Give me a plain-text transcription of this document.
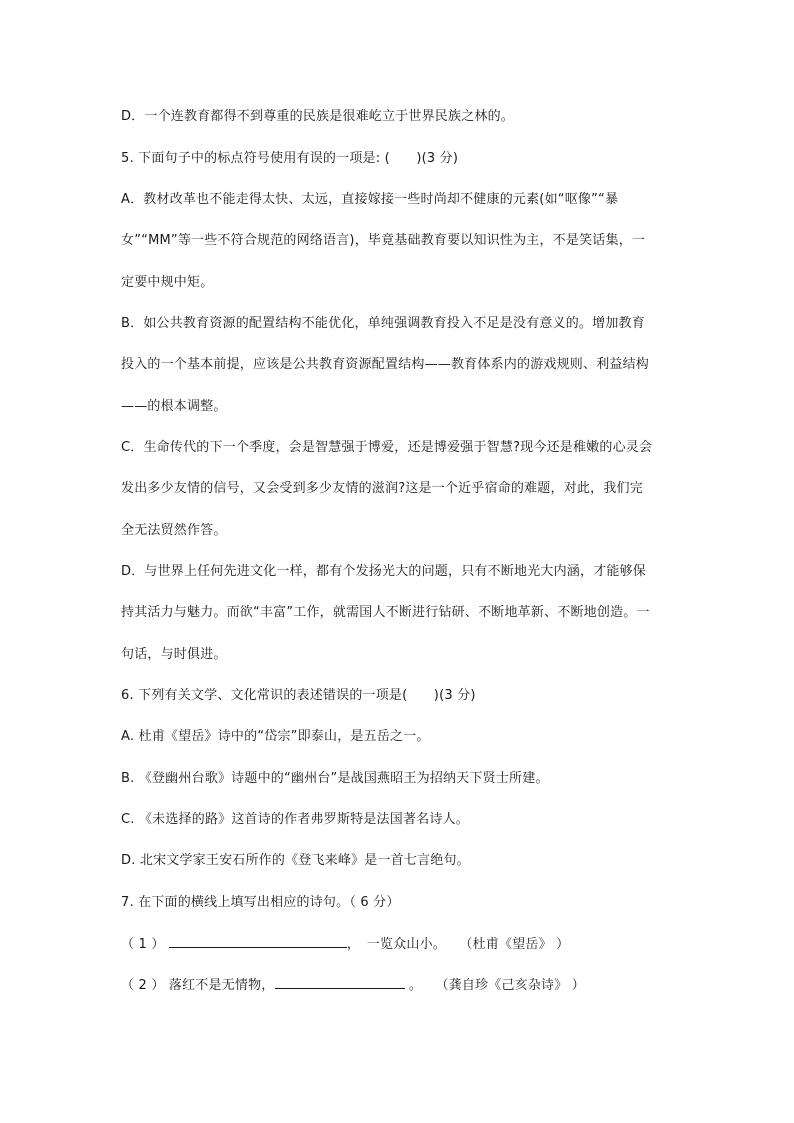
D．一个连教育都得不到尊重的民族是很难屹立于世界民族之林的。
5. 下面句子中的标点符号使用有误的一项是: (　　)(3 分)
A．教材改革也不能走得太快、太远，直接嫁接一些时尚却不健康的元素(如“呕像”“暴
女”“MM”等一些不符合规范的网络语言)，毕竟基础教育要以知识性为主，不是笑话集，一
定要中规中矩。
B．如公共教育资源的配置结构不能优化，单纯强调教育投入不足是没有意义的。增加教育
投入的一个基本前提，应该是公共教育资源配置结构——教育体系内的游戏规则、利益结构
——的根本调整。
C．生命传代的下一个季度，会是智慧强于博爱，还是博爱强于智慧?现今还是稚嫩的心灵会
发出多少友情的信号，又会受到多少友情的滋润?这是一个近乎宿命的难题，对此，我们完
全无法贸然作答。
D．与世界上任何先进文化一样，都有个发扬光大的问题，只有不断地光大内涵，才能够保
持其活力与魅力。而欲“丰富”工作，就需国人不断进行钻研、不断地革新、不断地创造。一
句话，与时俱进。
6. 下列有关文学、文化常识的表述错误的一项是(　　)(3 分)
A. 杜甫《望岳》诗中的“岱宗”即泰山，是五岳之一。
B. 《登幽州台歌》诗题中的“幽州台”是战国燕昭王为招纳天下贤士所建。
C. 《未选择的路》这首诗的作者弗罗斯特是法国著名诗人。
D. 北宋文学家王安石所作的《登飞来峰》是一首七言绝句。
7. 在下面的横线上填写出相应的诗句。（ 6 分）
（ 1 ）	，　一览众山小。　　 （杜甫《望岳》 ）
（ 2 ） 落红不是无情物，	。　　 （龚自珍《己亥杂诗》 ）
